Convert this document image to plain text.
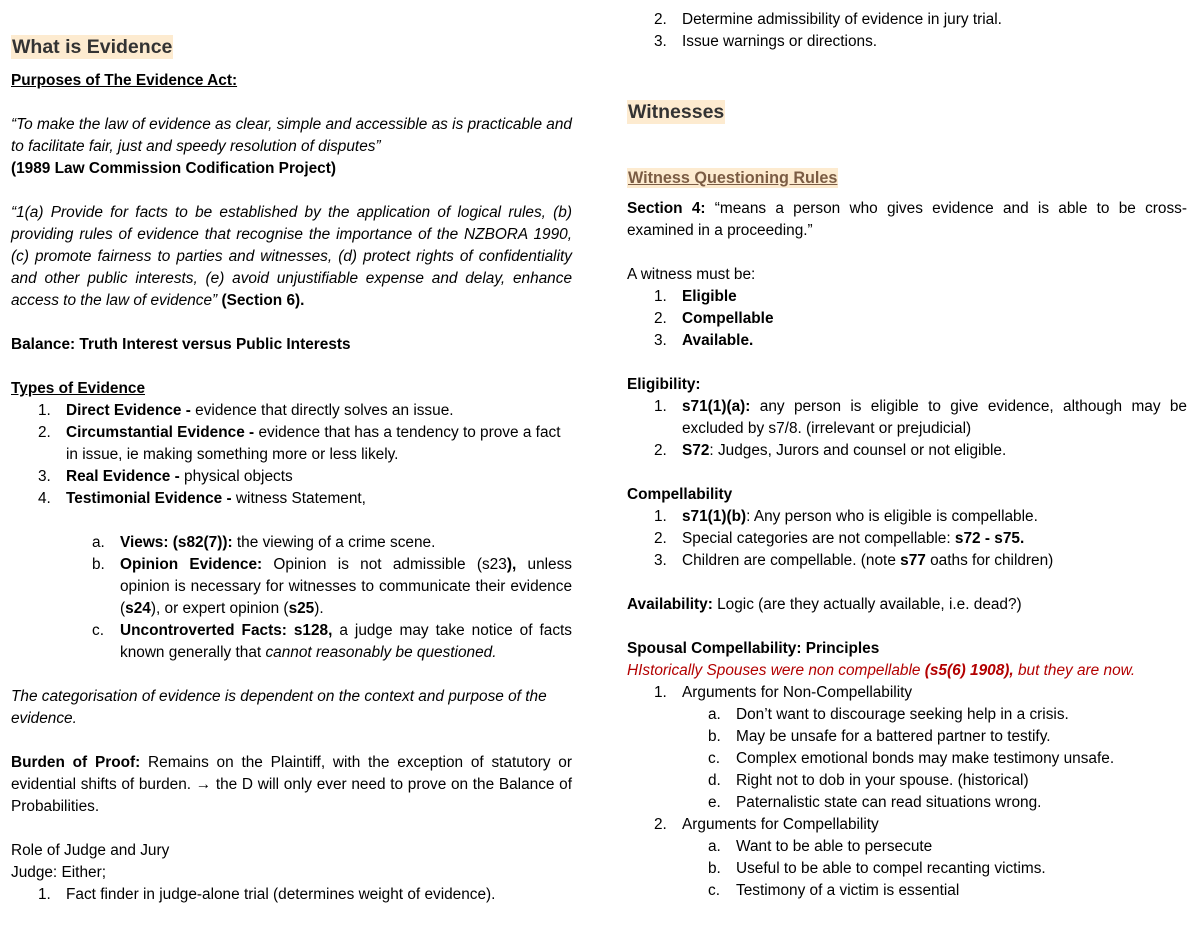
What is Evidence

Purposes of The Evidence Act:

“To make the law of evidence as clear, simple and accessible as is practicable and to facilitate fair, just and speedy resolution of disputes”

(1989 Law Commission Codification Project)

“1(a) Provide for facts to be established by the application of logical rules, (b) providing rules of evidence that recognise the importance of the NZBORA 1990, (c) promote fairness to parties and witnesses, (d) protect rights of confidentiality and other public interests, (e) avoid unjustifiable expense and delay, enhance access to the law of evidence” (Section 6).

Balance: Truth Interest versus Public Interests

Types of Evidence

1. Direct Evidence - evidence that directly solves an issue.
2. Circumstantial Evidence - evidence that has a tendency to prove a fact in issue, ie making something more or less likely.
3. Real Evidence - physical objects
4. Testimonial Evidence - witness Statement,
a. Views: (s82(7)): the viewing of a crime scene.
b. Opinion Evidence: Opinion is not admissible (s23), unless opinion is necessary for witnesses to communicate their evidence (s24), or expert opinion (s25).
c. Uncontroverted Facts: s128, a judge may take notice of facts known generally that cannot reasonably be questioned.

The categorisation of evidence is dependent on the context and purpose of the evidence.

Burden of Proof: Remains on the Plaintiff, with the exception of statutory or evidential shifts of burden. → the D will only ever need to prove on the Balance of Probabilities.

Role of Judge and Jury

Judge: Either;

1. Fact finder in judge-alone trial (determines weight of evidence).
2. Determine admissibility of evidence in jury trial.
3. Issue warnings or directions.

Witnesses

Witness Questioning Rules

Section 4: “means a person who gives evidence and is able to be cross-examined in a proceeding.”

A witness must be:

1. Eligible
2. Compellable
3. Available.

Eligibility:

1. s71(1)(a): any person is eligible to give evidence, although may be excluded by s7/8. (irrelevant or prejudicial)
2. S72: Judges, Jurors and counsel or not eligible.

Compellability

1. s71(1)(b): Any person who is eligible is compellable.
2. Special categories are not compellable: s72 - s75.
3. Children are compellable. (note s77 oaths for children)

Availability: Logic (are they actually available, i.e. dead?)

Spousal Compellability: Principles

HIstorically Spouses were non compellable (s5(6) 1908), but they are now.

1. Arguments for Non-Compellability
a. Don’t want to discourage seeking help in a crisis.
b. May be unsafe for a battered partner to testify.
c. Complex emotional bonds may make testimony unsafe.
d. Right not to dob in your spouse. (historical)
e. Paternalistic state can read situations wrong.
2. Arguments for Compellability
a. Want to be able to persecute
b. Useful to be able to compel recanting victims.
c. Testimony of a victim is essential
